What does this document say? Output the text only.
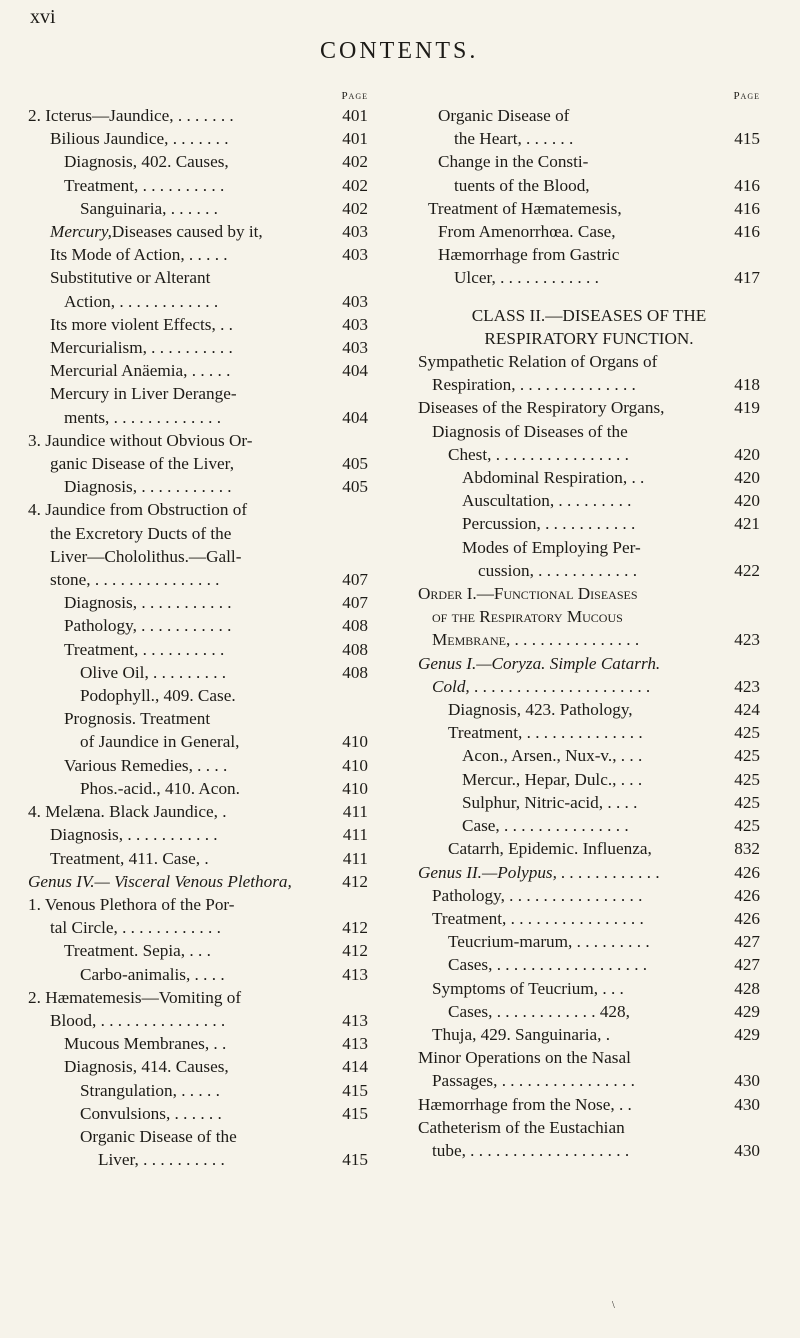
xvi
CONTENTS.
Page
2. Icterus—Jaundice, . . . . . . .	401
Bilious Jaundice, . . . . . . .	401
Diagnosis, 402. Causes,	402
Treatment, . . . . . . . . . .	402
Sanguinaria, . . . . . .	402
Mercury,Diseases caused by it,	403
Its Mode of Action, . . . . .	403
Substitutive or Alterant
Action, . . . . . . . . . . . .	403
Its more violent Effects, . .	403
Mercurialism, . . . . . . . . . .	403
Mercurial Anäemia, . . . . .	404
Mercury in Liver Derange-
ments, . . . . . . . . . . . . .	404
3. Jaundice without Obvious Or-
ganic Disease of the Liver,	405
Diagnosis, . . . . . . . . . . .	405
4. Jaundice from Obstruction of
the Excretory Ducts of the
Liver—Chololithus.—Gall-
stone, . . . . . . . . . . . . . . .	407
Diagnosis, . . . . . . . . . . .	407
Pathology, . . . . . . . . . . .	408
Treatment, . . . . . . . . . .	408
Olive Oil, . . . . . . . . .	408
Podophyll., 409. Case.
Prognosis. Treatment
of Jaundice in General,	410
Various Remedies, . . . .	410
Phos.-acid., 410. Acon.	410
4. Melæna. Black Jaundice, .	411
Diagnosis, . . . . . . . . . . .	411
Treatment, 411. Case, .	411
Genus IV.— Visceral Venous Plethora,	412
1. Venous Plethora of the Por-
tal Circle, . . . . . . . . . . . .	412
Treatment. Sepia, . . .	412
Carbo-animalis, . . . .	413
2. Hæmatemesis—Vomiting of
Blood, . . . . . . . . . . . . . . .	413
Mucous Membranes, . .	413
Diagnosis, 414. Causes,	414
Strangulation, . . . . .	415
Convulsions, . . . . . .	415
Organic Disease of the
Liver, . . . . . . . . . .	415
Page
Organic Disease of
the Heart, . . . . . .	415
Change in the Consti-
tuents of the Blood,	416
Treatment of Hæmatemesis,	416
From Amenorrhœa. Case,	416
Hæmorrhage from Gastric
Ulcer, . . . . . . . . . . . .	417
CLASS II.—DISEASES OF THE
RESPIRATORY FUNCTION.
Sympathetic Relation of Organs of
Respiration, . . . . . . . . . . . . . .	418
Diseases of the Respiratory Organs,	419
Diagnosis of Diseases of the
Chest, . . . . . . . . . . . . . . . .	420
Abdominal Respiration, . .	420
Auscultation, . . . . . . . . .	420
Percussion, . . . . . . . . . . .	421
Modes of Employing Per-
cussion, . . . . . . . . . . . .	422
Order I.—Functional Diseases
of the Respiratory Mucous
Membrane, . . . . . . . . . . . . . . .	423
Genus I.—Coryza. Simple Catarrh.
Cold, . . . . . . . . . . . . . . . . . . . . .	423
Diagnosis, 423. Pathology,	424
Treatment, . . . . . . . . . . . . . .	425
Acon., Arsen., Nux-v., . . .	425
Mercur., Hepar, Dulc., . . .	425
Sulphur, Nitric-acid, . . . .	425
Case, . . . . . . . . . . . . . . .	425
Catarrh, Epidemic. Influenza,	832
Genus II.—Polypus, . . . . . . . . . . . .	426
Pathology, . . . . . . . . . . . . . . . .	426
Treatment, . . . . . . . . . . . . . . . .	426
Teucrium-marum, . . . . . . . . .	427
Cases, . . . . . . . . . . . . . . . . . .	427
Symptoms of Teucrium, . . .	428
Cases, . . . . . . . . . . . . 428,	429
Thuja, 429. Sanguinaria, .	429
Minor Operations on the Nasal
Passages, . . . . . . . . . . . . . . . .	430
Hæmorrhage from the Nose, . .	430
Catheterism of the Eustachian
tube, . . . . . . . . . . . . . . . . . . .	430
\
